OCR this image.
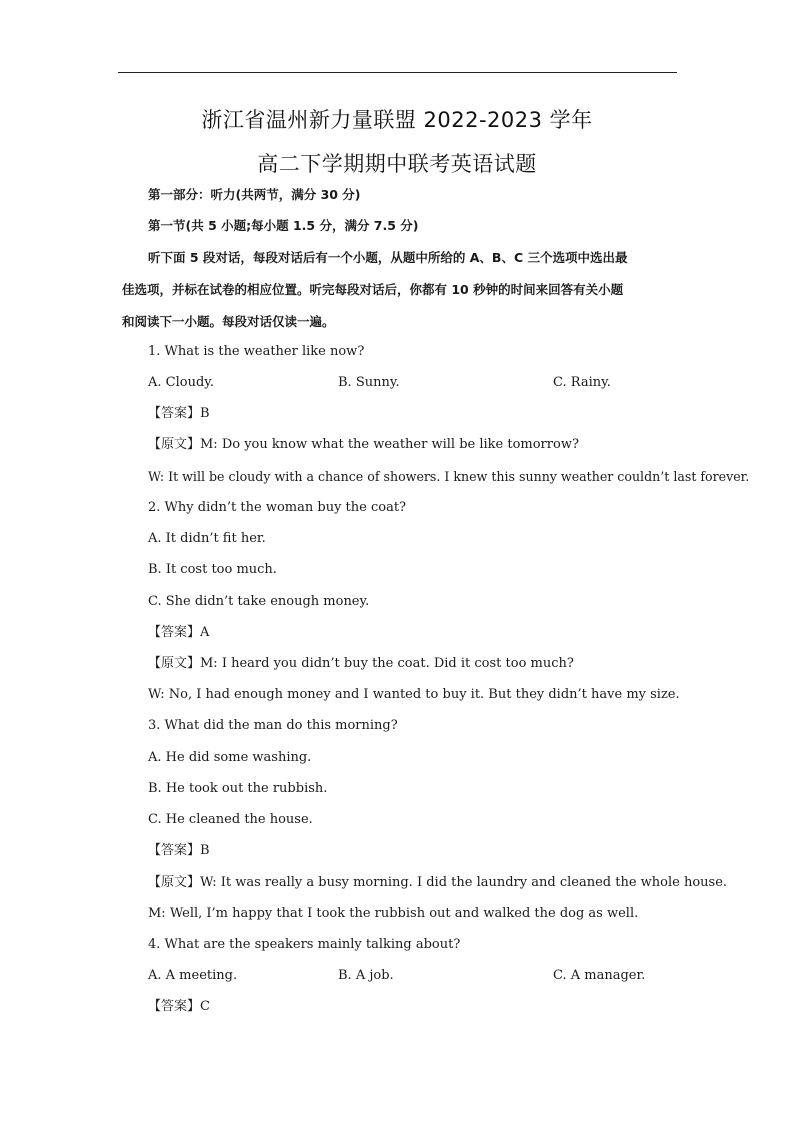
浙江省温州新力量联盟 2022-2023 学年
高二下学期期中联考英语试题
第一部分：听力(共两节，满分 30 分)
第一节(共 5 小题;每小题 1.5 分，满分 7.5 分)
听下面 5 段对话，每段对话后有一个小题，从题中所给的 A、B、C 三个选项中选出最
佳选项，并标在试卷的相应位置。听完每段对话后，你都有 10 秒钟的时间来回答有关小题
和阅读下一小题。每段对话仅读一遍。
1. What is the weather like now?
A. Cloudy.	B. Sunny.	C. Rainy.
【答案】B
【原文】M: Do you know what the weather will be like tomorrow?
W: It will be cloudy with a chance of showers. I knew this sunny weather couldn’t last forever.
2. Why didn’t the woman buy the coat?
A. It didn’t fit her.
B. It cost too much.
C. She didn’t take enough money.
【答案】A
【原文】M: I heard you didn’t buy the coat. Did it cost too much?
W: No, I had enough money and I wanted to buy it. But they didn’t have my size.
3. What did the man do this morning?
A. He did some washing.
B. He took out the rubbish.
C. He cleaned the house.
【答案】B
【原文】W: It was really a busy morning. I did the laundry and cleaned the whole house.
M: Well, I’m happy that I took the rubbish out and walked the dog as well.
4. What are the speakers mainly talking about?
A. A meeting.	B. A job.	C. A manager.
【答案】C
